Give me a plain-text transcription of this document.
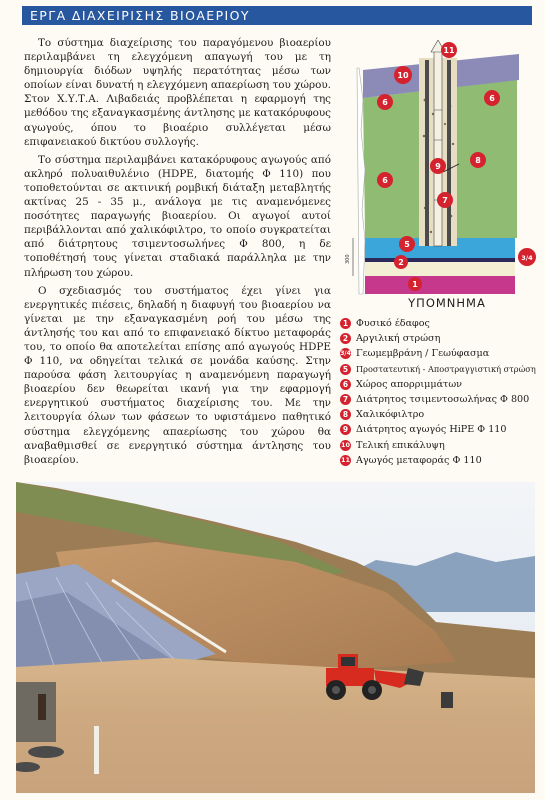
ΕΡΓΑ ΔΙΑΧΕΙΡΙΣΗΣ ΒΙΟΑΕΡΙΟΥ

Το σύστημα διαχείρισης του παραγόμενου βιοαερίου περιλαμβάνει τη ελεγχόμενη απαγωγή του με τη δημιουργία διόδων υψηλής περατότητας μέσω των οποίων είναι δυνατή η ελεγχόμενη απαερίωση του χώρου. Στον Χ.Υ.Τ.Α. Λιβαδειάς προβλέπεται η εφαρμογή της μεθόδου της εξαναγκασμένης άντλησης με κατακόρυφους αγωγούς, όπου το βιοαέριο συλλέγεται μέσω επιφανειακού δικτύου συλλογής.

Το σύστημα περιλαμβάνει κατακόρυφους αγωγούς από ακληρό πολυαιθυλένιο (HDPE, διατομής Φ 110) που τοποθετούνται σε ακτινική ρομβική διάταξη μεταβλητής ακτίνας 25 - 35 μ., ανάλογα με τις αναμενόμενες ποσότητες παραγωγής βιοαερίου. Οι αγωγοί αυτοί περιβάλλονται από χαλικόφιλτρο, το οποίο συγκρατείται από διάτρητους τσιμεντοσωλήνες Φ 800, η δε τοποθέτησή τους γίνεται σταδιακά παράλληλα με την πλήρωση του χώρου.

Ο σχεδιασμός του συστήματος έχει γίνει για ενεργητικές πιέσεις, δηλαδή η διαφυγή του βιοαερίου να γίνεται με την εξαναγκασμένη ροή του μέσω της άντλησής του και από το επιφανειακό δίκτυο μεταφοράς του, το οποίο θα αποτελείται επίσης από αγωγούς HDPE Φ 110, να οδηγείται τελικά σε μονάδα καύσης. Στην παρούσα φάση λειτουργίας η αναμενόμενη παραγωγή βιοαερίου δεν θεωρείται ικανή για την εφαρμογή ενεργητικού συστήματος διαχείρισης του. Με την λειτουργία όλων των φάσεων το υφιστάμενο παθητικό σύστημα ελεγχόμενης απαερίωσης του χώρου θα αναβαθμισθεί σε ενεργητικό σύστημα άντλησης του βιοαερίου.

300
11
10
6	6
6
8
9
7
5
2	3/4
1
ΥΠΟΜΝΗΜΑ
1 Φυσικό έδαφος
2 Αργιλική στρώση
3/4 Γεωμεμβράνη / Γεωύφασμα
5 Προστατευτική - Αποστραγγιστική στρώση
6 Χώρος απορριμμάτων
7 Διάτρητος τσιμεντοσωλήνας Φ 800
8 Χαλικόφιλτρο
9 Διάτρητος αγωγός HiPE Φ 110
10 Τελική επικάλυψη
11 Αγωγός μεταφοράς Φ 110
